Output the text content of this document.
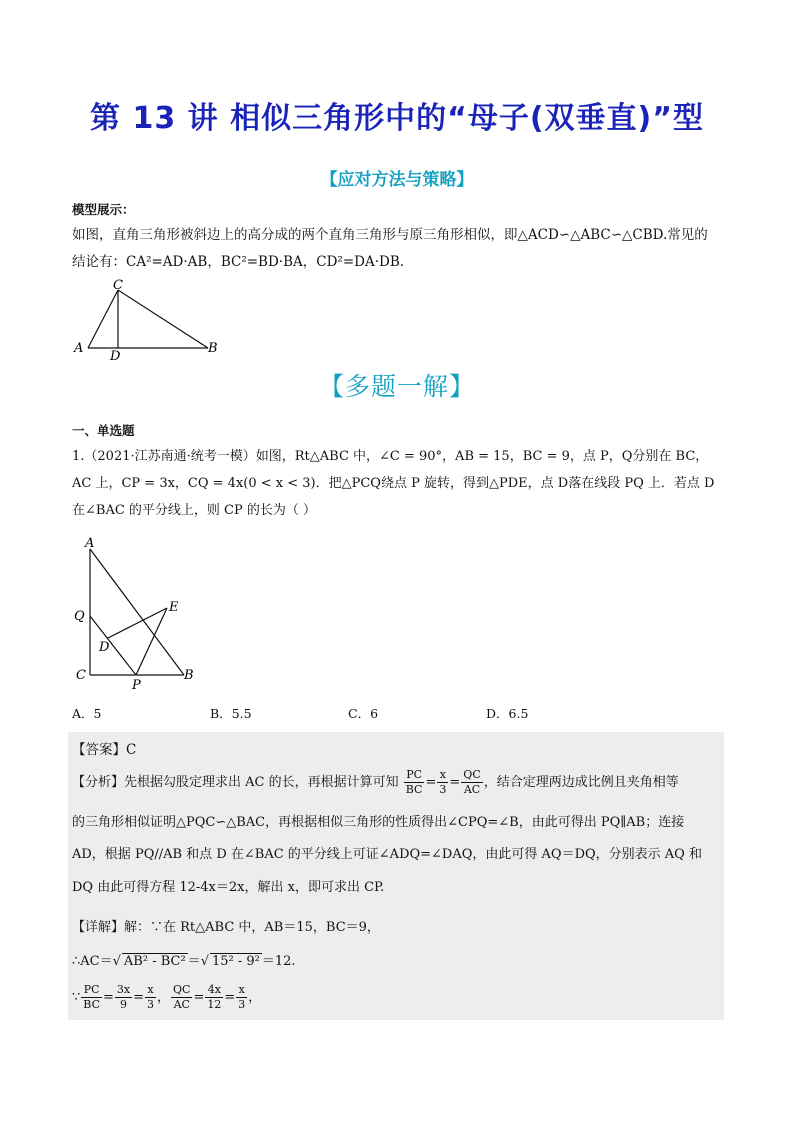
第 13 讲 相似三角形中的“母子(双垂直)”型
【应对方法与策略】
模型展示：
如图，直角三角形被斜边上的高分成的两个直角三角形与原三角形相似，即△ACD∽△ABC∽△CBD.常见的
结论有：CA²=AD·AB，BC²=BD·BA，CD²=DA·DB.
C
A
D
B
【多题一解】
一、单选题
1.（2021·江苏南通·统考一模）如图，Rt△ABC 中，∠C = 90°，AB = 15，BC = 9，点 P，Q分别在 BC，
AC 上，CP = 3x，CQ = 4x(0 < x < 3)．把△PCQ绕点 P 旋转，得到△PDE，点 D落在线段 PQ 上．若点 D
在∠BAC 的平分线上，则 CP 的长为（ ）
A
Q
E
D
C
P
B
A．5	B．5.5	C．6	D．6.5
【答案】C
【分析】先根据勾股定理求出 AC 的长，再根据计算可知 $\frac{PC}{BC} = \frac{x}{3} = \frac{QC}{AC}$ ，结合定理两边成比例且夹角相等
的三角形相似证明△PQC∽△BAC，再根据相似三角形的性质得出∠CPQ=∠B，由此可得出 PQ∥AB；连接
AD，根据 PQ//AB 和点 D 在∠BAC 的平分线上可证∠ADQ=∠DAQ，由此可得 AQ＝DQ，分别表示 AQ 和
DQ 由此可得方程 12-4x＝2x，解出 x，即可求出 CP.
【详解】解：∵在 Rt△ABC 中，AB＝15，BC＝9，
∴AC＝√ AB² - BC² ＝√ 15² - 9² ＝12.
∵ $\frac{PC}{BC} = \frac{3x}{9} = \frac{x}{3}$ ， $\frac{QC}{AC} = \frac{4x}{12} = \frac{x}{3}$ ，
